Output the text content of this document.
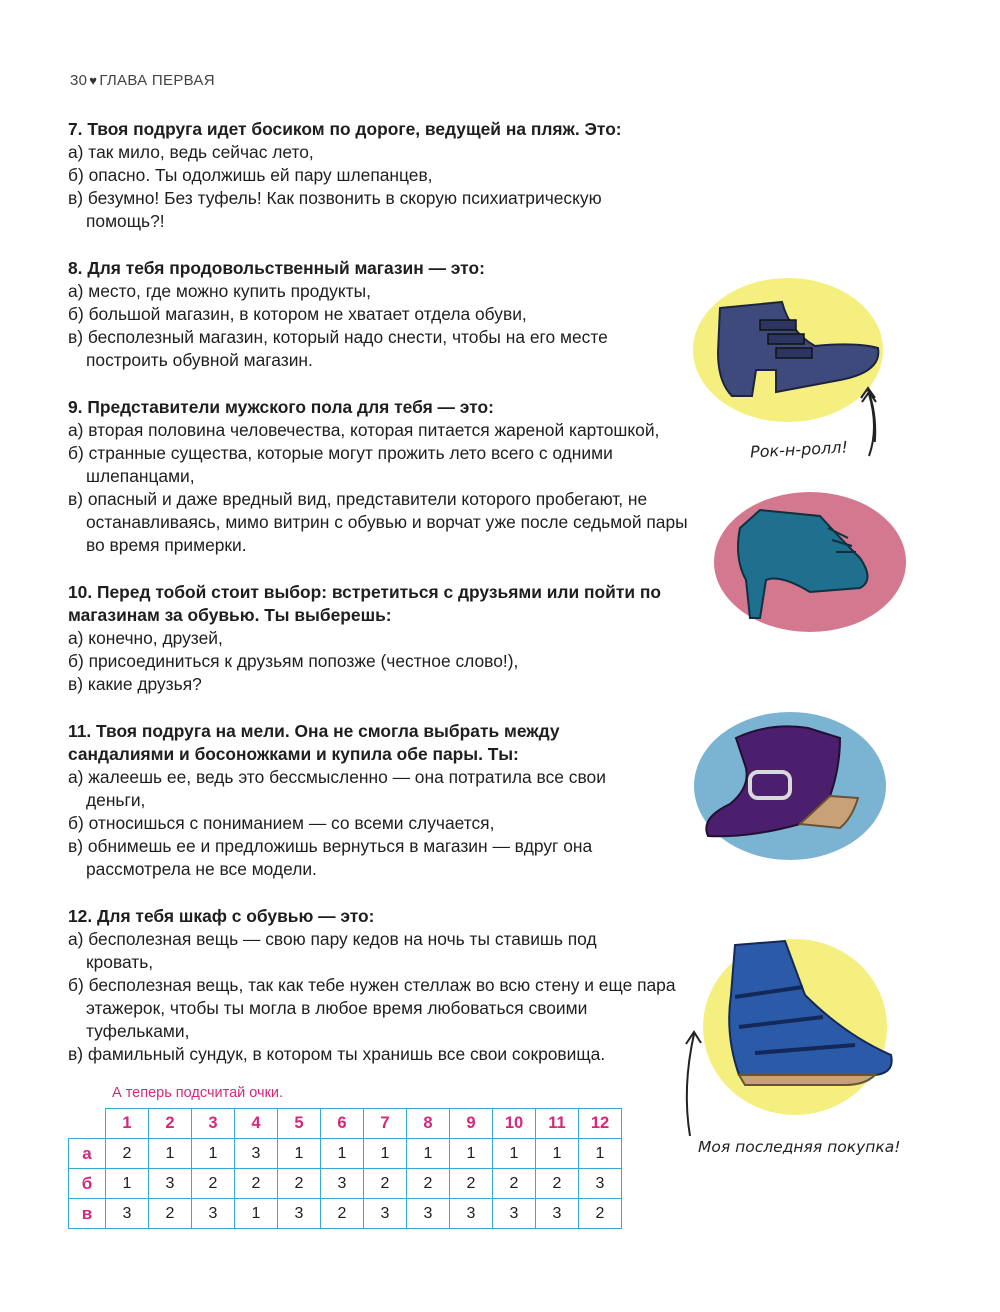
30 ♥ ГЛАВА ПЕРВАЯ
7. Твоя подруга идет босиком по дороге, ведущей на пляж. Это:
а) так мило, ведь сейчас лето,
б) опасно. Ты одолжишь ей пару шлепанцев,
в) безумно! Без туфель! Как позвонить в скорую психиатрическую помощь?!
8. Для тебя продовольственный магазин — это:
а) место, где можно купить продукты,
б) большой магазин, в котором не хватает отдела обуви,
в) бесполезный магазин, который надо снести, чтобы на его месте построить обувной магазин.
9. Представители мужского пола для тебя — это:
а) вторая половина человечества, которая питается жареной картошкой,
б) странные существа, которые могут прожить лето всего с одними шлепанцами,
в) опасный и даже вредный вид, представители которого пробегают, не останавливаясь, мимо витрин с обувью и ворчат уже после седьмой пары во время примерки.
10. Перед тобой стоит выбор: встретиться с друзьями или пойти по магазинам за обувью. Ты выберешь:
а) конечно, друзей,
б) присоединиться к друзьям попозже (честное слово!),
в) какие друзья?
11. Твоя подруга на мели. Она не смогла выбрать между сандалиями и босоножками и купила обе пары. Ты:
а) жалеешь ее, ведь это бессмысленно — она потратила все свои деньги,
б) относишься с пониманием — со всеми случается,
в) обнимешь ее и предложишь вернуться в магазин — вдруг она рассмотрела не все модели.
12. Для тебя шкаф с обувью — это:
а) бесполезная вещь — свою пару кедов на ночь ты ставишь под кровать,
б) бесполезная вещь, так как тебе нужен стеллаж во всю стену и еще пара этажерок, чтобы ты могла в любое время любоваться своими туфельками,
в) фамильный сундук, в котором ты хранишь все свои сокровища.
А теперь подсчитай очки.
	1	2	3	4	5	6	7	8	9	10	11	12
а	2	1	1	3	1	1	1	1	1	1	1	1
б	1	3	2	2	2	3	2	2	2	2	2	3
в	3	2	3	1	3	2	3	3	3	3	3	2
Рок-н-ролл!
Моя последняя покупка!
